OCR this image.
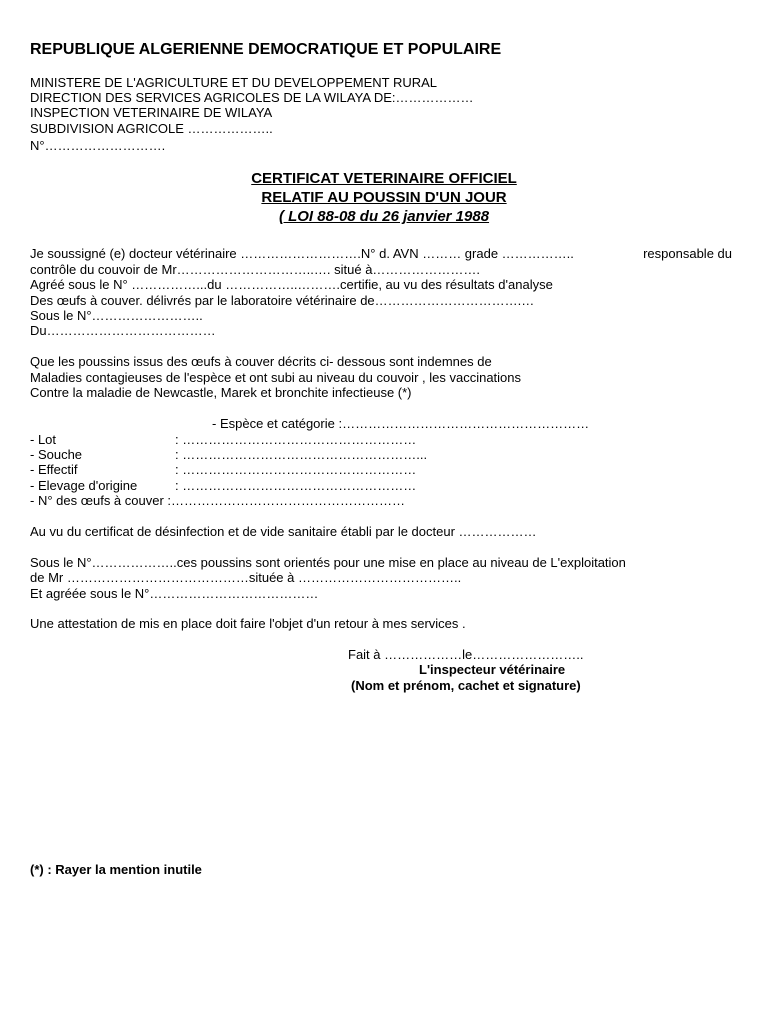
REPUBLIQUE ALGERIENNE DEMOCRATIQUE ET POPULAIRE
MINISTERE DE L'AGRICULTURE ET DU DEVELOPPEMENT RURAL
DIRECTION DES SERVICES AGRICOLES DE LA WILAYA DE:………………
INSPECTION VETERINAIRE DE WILAYA
SUBDIVISION AGRICOLE ………………..
N°……………………….
CERTIFICAT VETERINAIRE OFFICIEL
RELATIF AU POUSSIN D'UN JOUR
( LOI 88-08 du 26 janvier 1988
Je soussigné (e) docteur vétérinaire ……………………….N° d. AVN ……… grade ……………..	responsable du
contrôle du couvoir de Mr…………………………..…. situé à…………………….
Agréé sous le N° ……………...du ……………..……….certifie, au vu des résultats d'analyse
Des œufs à couver. délivrés par le laboratoire vétérinaire de…………………………….…
Sous le N°……………………..
Du…………………………………
Que les poussins issus des œufs à couver décrits ci- dessous sont indemnes de
Maladies contagieuses de l'espèce et ont subi au niveau du couvoir , les vaccinations
Contre la maladie de Newcastle, Marek et bronchite infectieuse (*)
- Espèce et catégorie :…………………………………………………
- Lot	: ………………………………………………
- Souche	: ………………………………………………...
- Effectif	: ………………………………………………
- Elevage d'origine	: ………………………………………………
- N° des œufs à couver :………………………………………………
Au vu du certificat de désinfection et de vide sanitaire établi par le docteur ………………
Sous le N°………………..ces poussins sont orientés pour une mise en place au niveau de L'exploitation
de Mr ……………………………………situéе à ………………………………..
Et agréée sous le N°…………………………………
Une attestation de mis en place doit faire l'objet d'un retour à mes services .
Fait à ………………le……………………..
L'inspecteur vétérinaire
(Nom et prénom, cachet et signature)
(*) : Rayer la mention inutile
